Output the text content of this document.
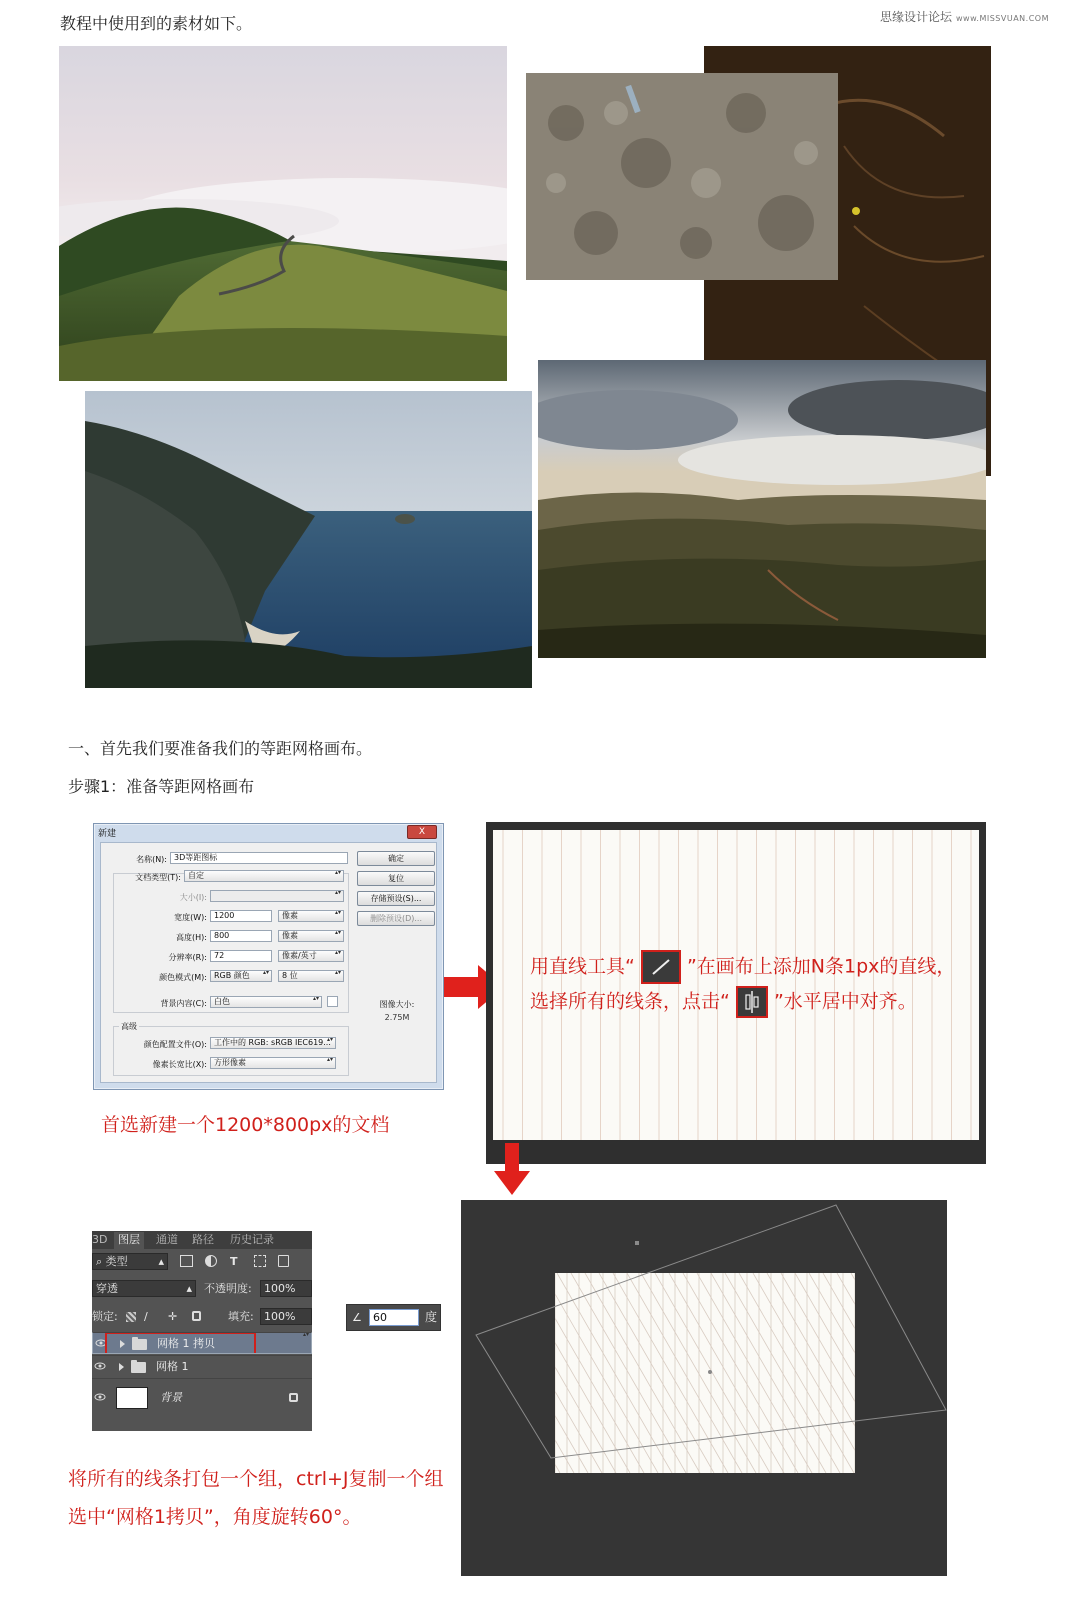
教程中使用到的素材如下。	思缘设计论坛 www.MISSVUAN.COM
一、首先我们要准备我们的等距网格画布。
步骤1：准备等距网格画布
新建	X
名称(N): 3D等距图标
文档类型(T): 自定 ▴▾
大小(I):
▴▾
宽度(W): 1200	像素 ▴▾
高度(H): 800	像素 ▴▾
分辨率(R): 72	像素/英寸 ▴▾
颜色模式(M): RGB 颜色 ▴▾	8 位 ▴▾
背景内容(C): 白色 ▴▾
高级
颜色配置文件(O): 工作中的 RGB: sRGB IEC619... ▴▾
像素长宽比(X): 方形像素 ▴▾
确定
复位
存储预设(S)...
删除预设(D)...
图像大小:
2.75M
首选新建一个1200*800px的文档
用直线工具“	”在画布上添加N条1px的直线，
选择所有的线条，点击“ ”水平居中对齐。
3D 图层	通道	路径	历史记录
⌕ 类型	▴	T
穿透	▴ 不透明度:	100%
锁定: ∕ ✛	填充: 100%
网格 1 拷贝
▴▾
网格 1
背景
∠	60	度
将所有的线条打包一个组，ctrl+J复制一个组
选中“网格1拷贝”，角度旋转60°。
